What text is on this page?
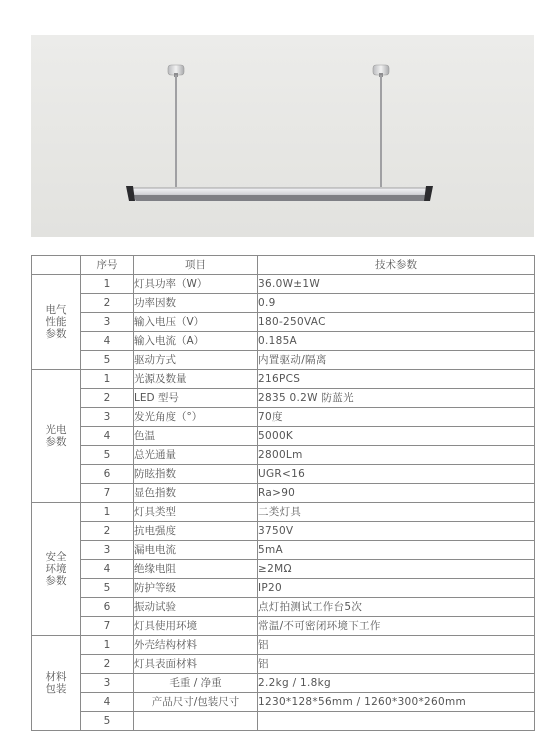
	序号	项目	技术参数
电气
性能
参数	1	灯具功率（W）	36.0W±1W
	2	功率因数	0.9
	3	输入电压（V）	180-250VAC
	4	输入电流（A）	0.185A
	5	驱动方式	内置驱动/隔离
光电
参数	1	光源及数量	216PCS
	2	LED 型号	2835 0.2W 防蓝光
	3	发光角度（°）	70度
	4	色温	5000K
	5	总光通量	2800Lm
	6	防眩指数	UGR<16
	7	显色指数	Ra>90
安全
环境
参数	1	灯具类型	二类灯具
	2	抗电强度	3750V
	3	漏电电流	5mA
	4	绝缘电阻	≥2MΩ
	5	防护等级	IP20
	6	振动试验	点灯拍测试工作台5次
	7	灯具使用环境	常温/不可密闭环境下工作
材料
包装	1	外壳结构材料	铝
	2	灯具表面材料	铝
	3	毛重 / 净重	2.2kg / 1.8kg
	4	产品尺寸/包装尺寸	1230*128*56mm / 1260*300*260mm
	5		
